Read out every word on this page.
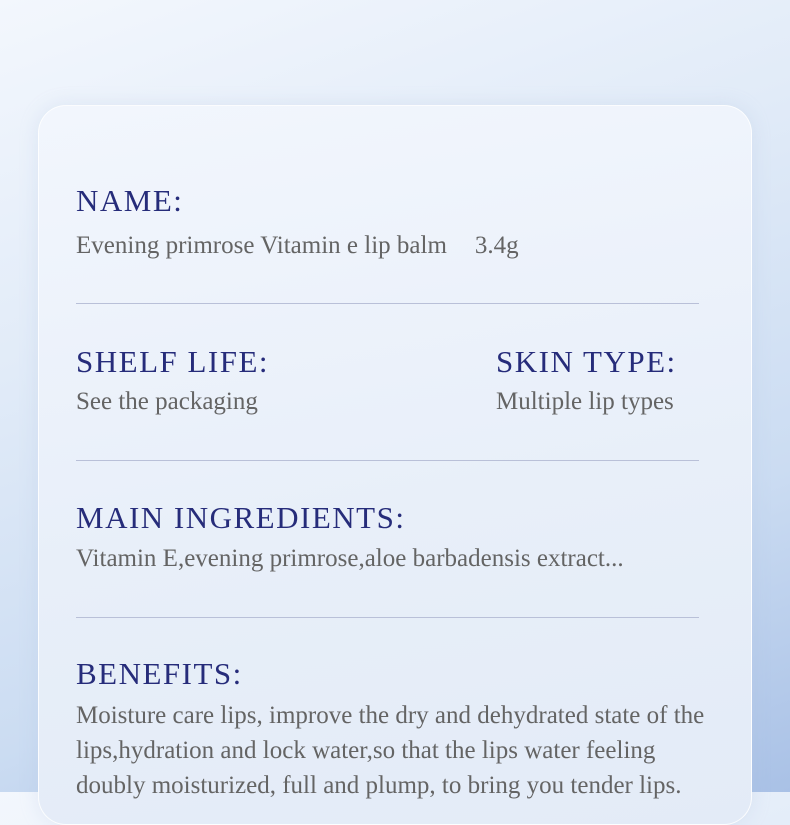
NAME:

Evening primrose Vitamin e lip balm 3.4g

SHELF LIFE:

See the packaging

SKIN TYPE:

Multiple lip types

MAIN INGREDIENTS:

Vitamin E,evening primrose,aloe barbadensis extract...

BENEFITS:

Moisture care lips, improve the dry and dehydrated state of the lips,hydration and lock water,so that the lips water feeling doubly moisturized, full and plump, to bring you tender lips.
